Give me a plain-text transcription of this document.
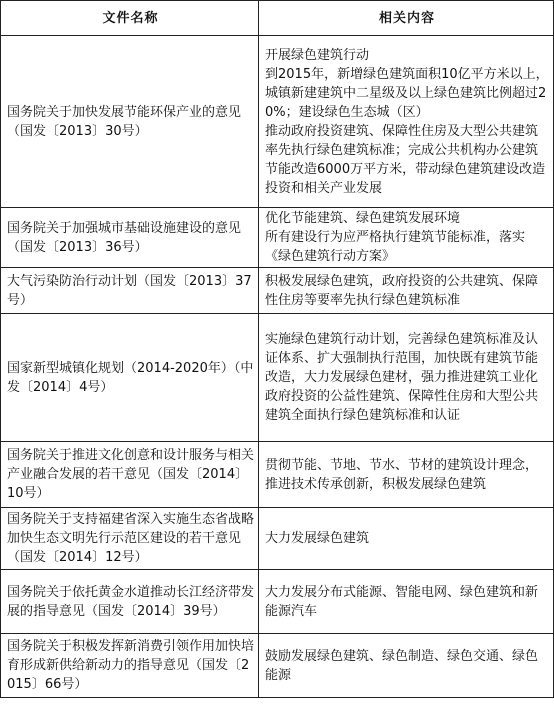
文件名称	相关内容
国务院关于加快发展节能环保产业的意见（国发〔2013〕30号）	开展绿色建筑行动
到2015年，新增绿色建筑面积10亿平方米以上，城镇新建建筑中二星级及以上绿色建筑比例超过20%；建设绿色生态城（区）
推动政府投资建筑、保障性住房及大型公共建筑率先执行绿色建筑标准；完成公共机构办公建筑节能改造6000万平方米，带动绿色建筑建设改造投资和相关产业发展

国务院关于加强城市基础设施建设的意见（国发〔2013〕36号）	优化节能建筑、绿色建筑发展环境
所有建设行为应严格执行建筑节能标准，落实《绿色建筑行动方案》

大气污染防治行动计划（国发〔2013〕37号）	积极发展绿色建筑，政府投资的公共建筑、保障性住房等要率先执行绿色建筑标准

国家新型城镇化规划（2014-2020年）（中发〔2014〕4号）	实施绿色建筑行动计划，完善绿色建筑标准及认证体系、扩大强制执行范围，加快既有建筑节能改造，大力发展绿色建材，强力推进建筑工业化
政府投资的公益性建筑、保障性住房和大型公共建筑全面执行绿色建筑标准和认证

国务院关于推进文化创意和设计服务与相关产业融合发展的若干意见（国发〔2014〕10号）	贯彻节能、节地、节水、节材的建筑设计理念，推进技术传承创新，积极发展绿色建筑

国务院关于支持福建省深入实施生态省战略加快生态文明先行示范区建设的若干意见（国发〔2014〕12号）	大力发展绿色建筑

国务院关于依托黄金水道推动长江经济带发展的指导意见（国发〔2014〕39号）	大力发展分布式能源、智能电网、绿色建筑和新能源汽车

国务院关于积极发挥新消费引领作用加快培育形成新供给新动力的指导意见（国发〔2015〕66号）	鼓励发展绿色建筑、绿色制造、绿色交通、绿色能源
